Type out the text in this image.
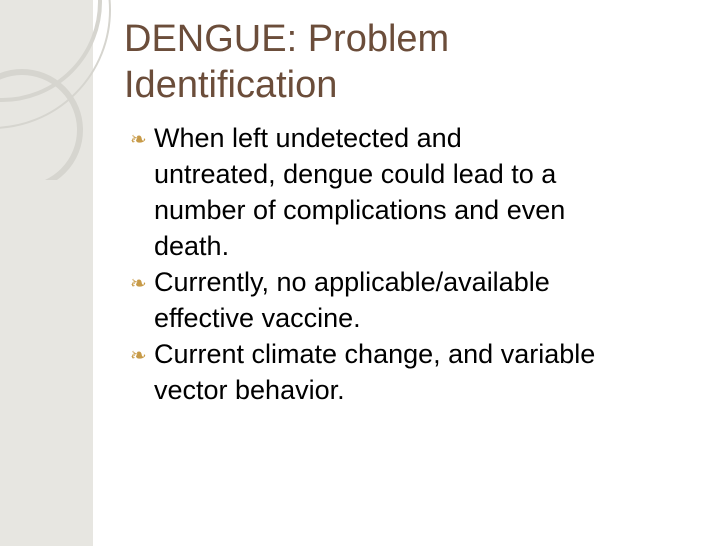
DENGUE: Problem
Identification
❧ When left undetected and
untreated, dengue could lead to a
number of complications and even
death.
❧ Currently, no applicable/available
effective vaccine.
❧ Current climate change, and variable
vector behavior.
